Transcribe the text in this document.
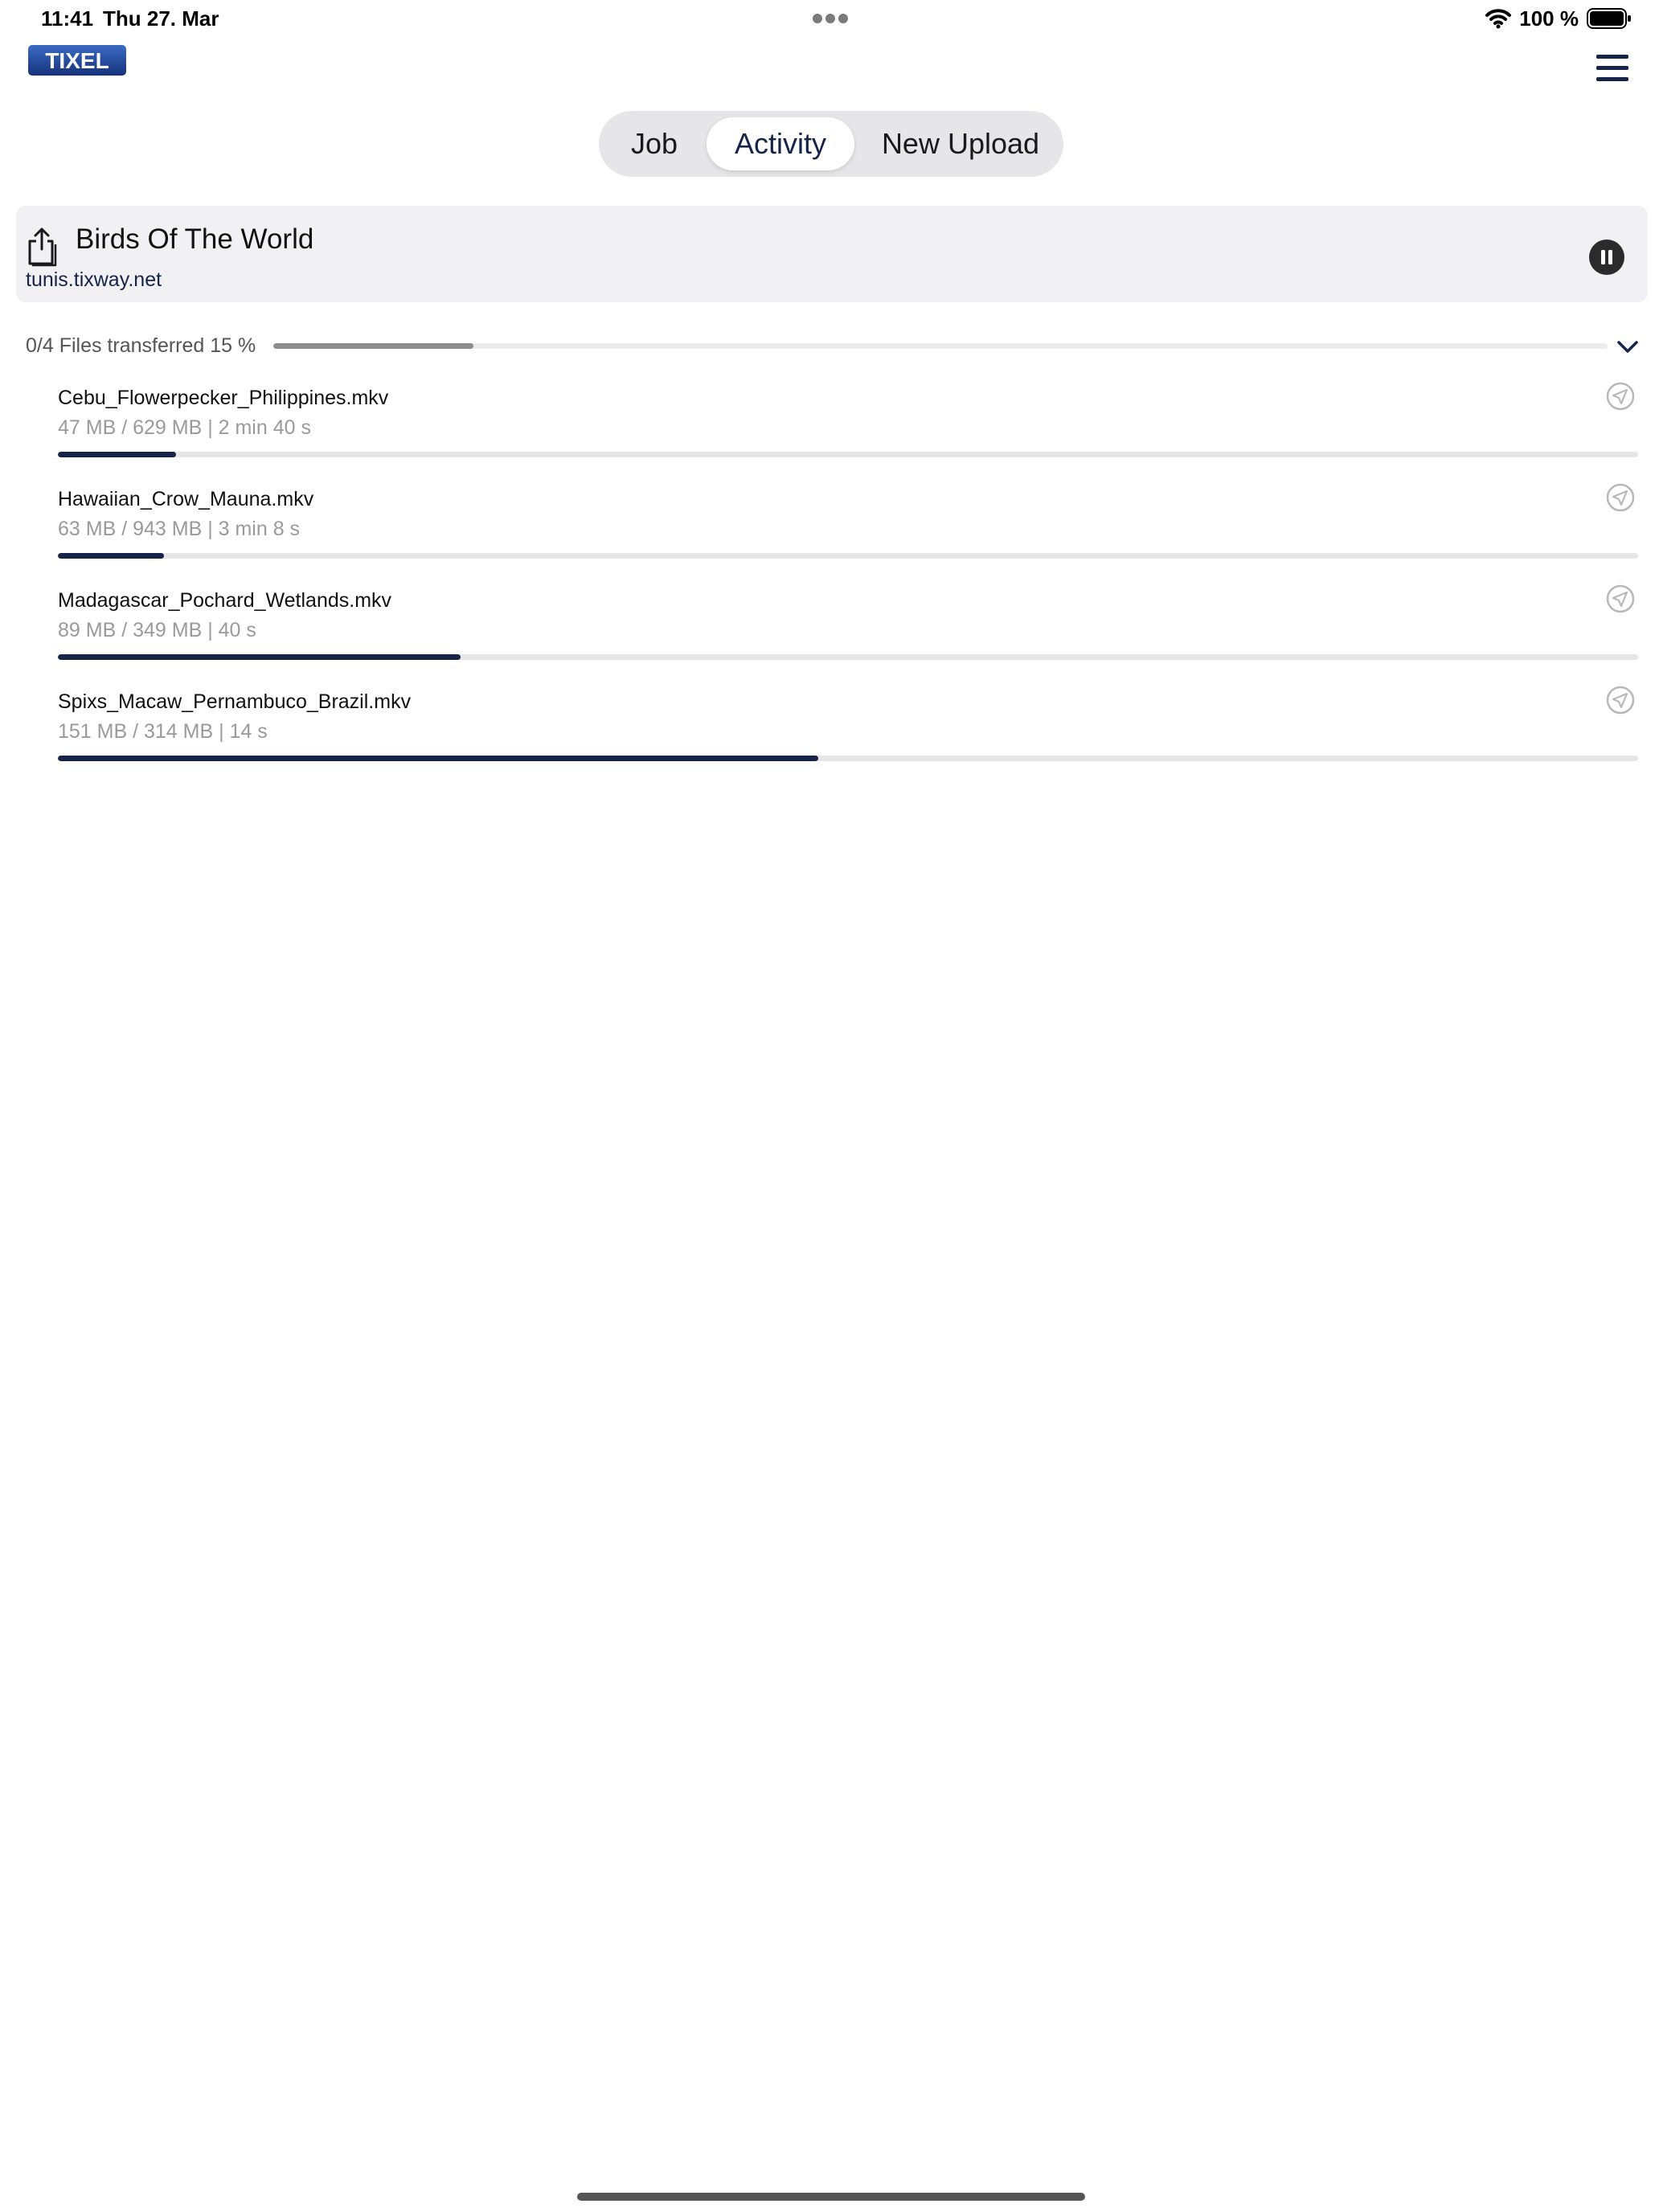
11:41 Thu 27. Mar	100 %
TIXEL
Job	Activity	New Upload
Birds Of The World
tunis.tixway.net
0/4 Files transferred 15 %
Cebu_Flowerpecker_Philippines.mkv
47 MB / 629 MB | 2 min 40 s
Hawaiian_Crow_Mauna.mkv
63 MB / 943 MB | 3 min 8 s
Madagascar_Pochard_Wetlands.mkv
89 MB / 349 MB | 40 s
Spixs_Macaw_Pernambuco_Brazil.mkv
151 MB / 314 MB | 14 s
